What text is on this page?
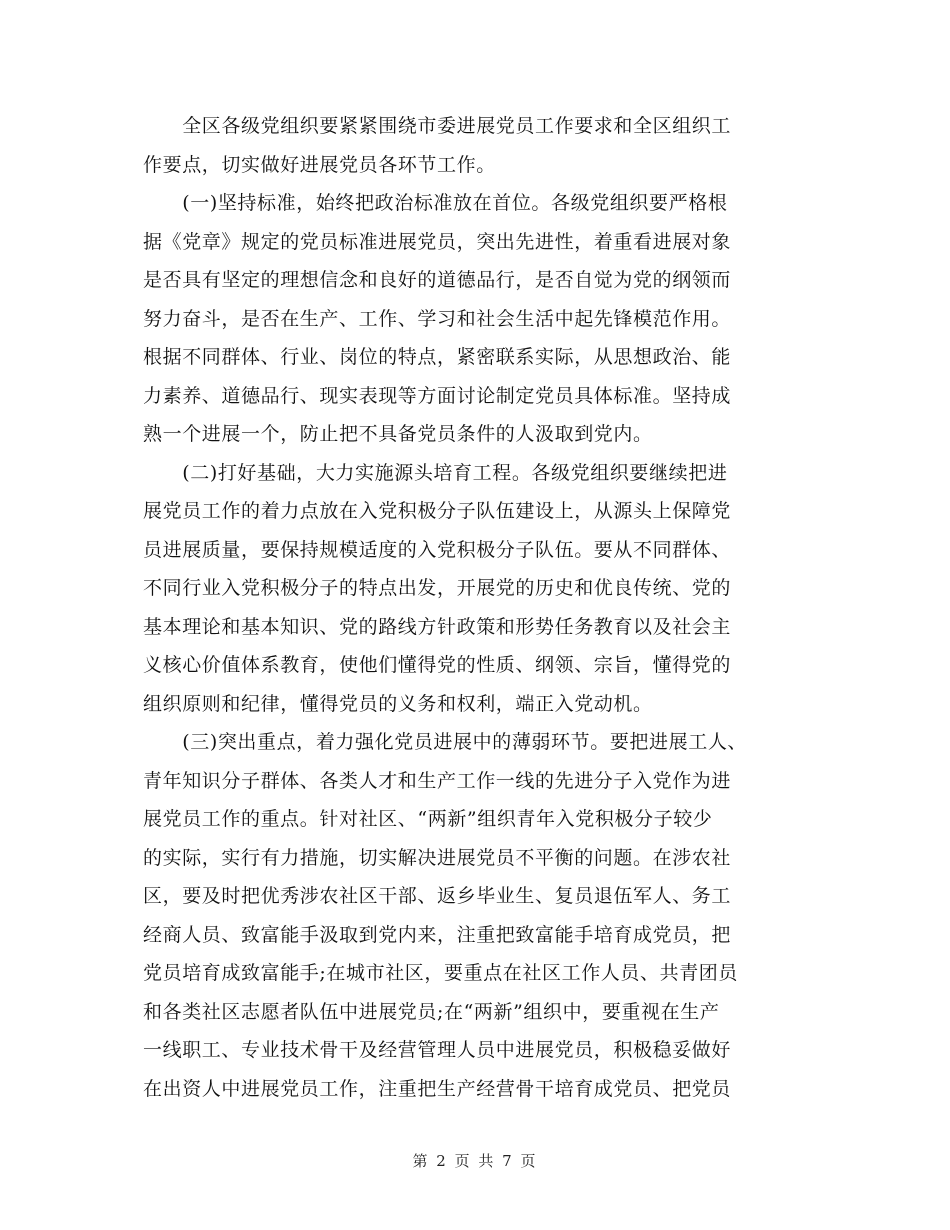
　　全区各级党组织要紧紧围绕市委进展党员工作要求和全区组织工
作要点，切实做好进展党员各环节工作。
　　(一)坚持标准，始终把政治标准放在首位。各级党组织要严格根
据《党章》规定的党员标准进展党员，突出先进性，着重看进展对象
是否具有坚定的理想信念和良好的道德品行，是否自觉为党的纲领而
努力奋斗，是否在生产、工作、学习和社会生活中起先锋模范作用。
根据不同群体、行业、岗位的特点，紧密联系实际，从思想政治、能
力素养、道德品行、现实表现等方面讨论制定党员具体标准。坚持成
熟一个进展一个，防止把不具备党员条件的人汲取到党内。
　　(二)打好基础，大力实施源头培育工程。各级党组织要继续把进
展党员工作的着力点放在入党积极分子队伍建设上，从源头上保障党
员进展质量，要保持规模适度的入党积极分子队伍。要从不同群体、
不同行业入党积极分子的特点出发，开展党的历史和优良传统、党的
基本理论和基本知识、党的路线方针政策和形势任务教育以及社会主
义核心价值体系教育，使他们懂得党的性质、纲领、宗旨，懂得党的
组织原则和纪律，懂得党员的义务和权利，端正入党动机。
　　(三)突出重点，着力强化党员进展中的薄弱环节。要把进展工人、
青年知识分子群体、各类人才和生产工作一线的先进分子入党作为进
展党员工作的重点。针对社区、“两新”组织青年入党积极分子较少
的实际，实行有力措施，切实解决进展党员不平衡的问题。在涉农社
区，要及时把优秀涉农社区干部、返乡毕业生、复员退伍军人、务工
经商人员、致富能手汲取到党内来，注重把致富能手培育成党员，把
党员培育成致富能手;在城市社区，要重点在社区工作人员、共青团员
和各类社区志愿者队伍中进展党员;在“两新”组织中，要重视在生产
一线职工、专业技术骨干及经营管理人员中进展党员，积极稳妥做好
在出资人中进展党员工作，注重把生产经营骨干培育成党员、把党员
第 2 页 共 7 页
